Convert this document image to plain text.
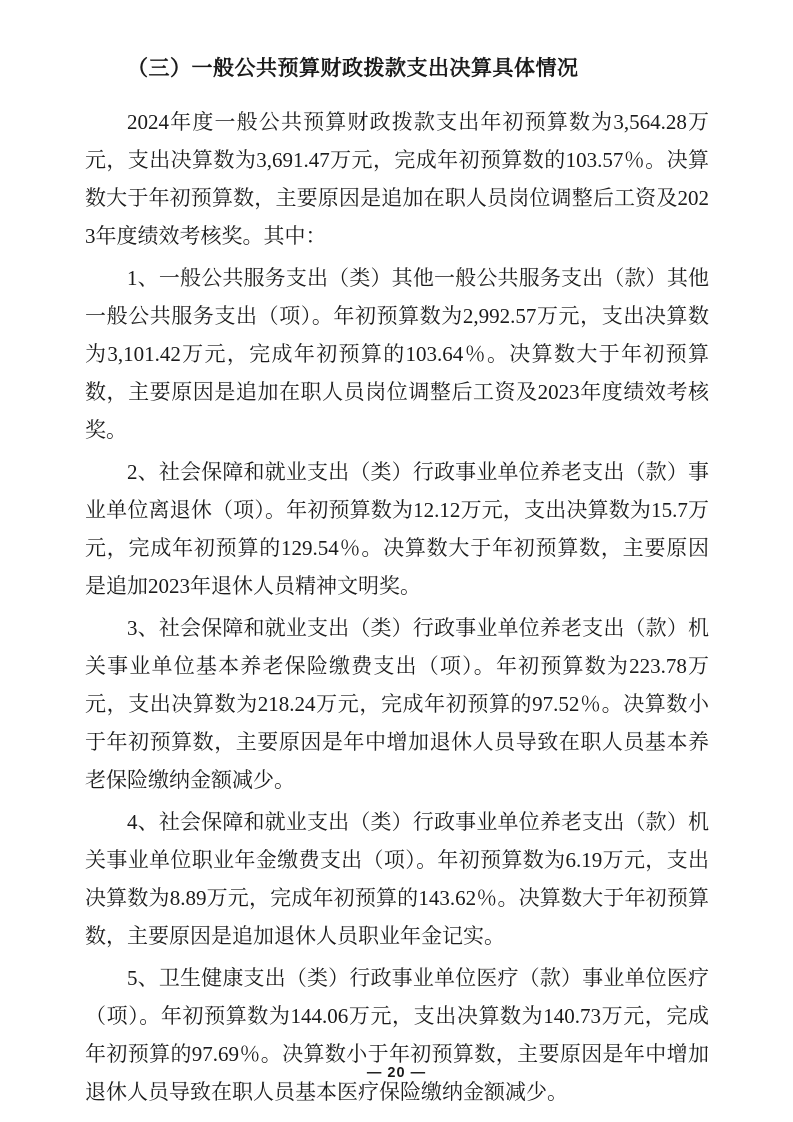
（三）一般公共预算财政拨款支出决算具体情况

2024年度一般公共预算财政拨款支出年初预算数为3,564.28万元，支出决算数为3,691.47万元，完成年初预算数的103.57％。决算数大于年初预算数，主要原因是追加在职人员岗位调整后工资及2023年度绩效考核奖。其中：

1、一般公共服务支出（类）其他一般公共服务支出（款）其他一般公共服务支出（项）。年初预算数为2,992.57万元，支出决算数为3,101.42万元，完成年初预算的103.64％。决算数大于年初预算数，主要原因是追加在职人员岗位调整后工资及2023年度绩效考核奖。

2、社会保障和就业支出（类）行政事业单位养老支出（款）事业单位离退休（项）。年初预算数为12.12万元，支出决算数为15.7万元，完成年初预算的129.54％。决算数大于年初预算数，主要原因是追加2023年退休人员精神文明奖。

3、社会保障和就业支出（类）行政事业单位养老支出（款）机关事业单位基本养老保险缴费支出（项）。年初预算数为223.78万元，支出决算数为218.24万元，完成年初预算的97.52％。决算数小于年初预算数，主要原因是年中增加退休人员导致在职人员基本养老保险缴纳金额减少。

4、社会保障和就业支出（类）行政事业单位养老支出（款）机关事业单位职业年金缴费支出（项）。年初预算数为6.19万元，支出决算数为8.89万元，完成年初预算的143.62％。决算数大于年初预算数，主要原因是追加退休人员职业年金记实。

5、卫生健康支出（类）行政事业单位医疗（款）事业单位医疗（项）。年初预算数为144.06万元，支出决算数为140.73万元，完成年初预算的97.69％。决算数小于年初预算数，主要原因是年中增加退休人员导致在职人员基本医疗保险缴纳金额减少。

— 20 —
